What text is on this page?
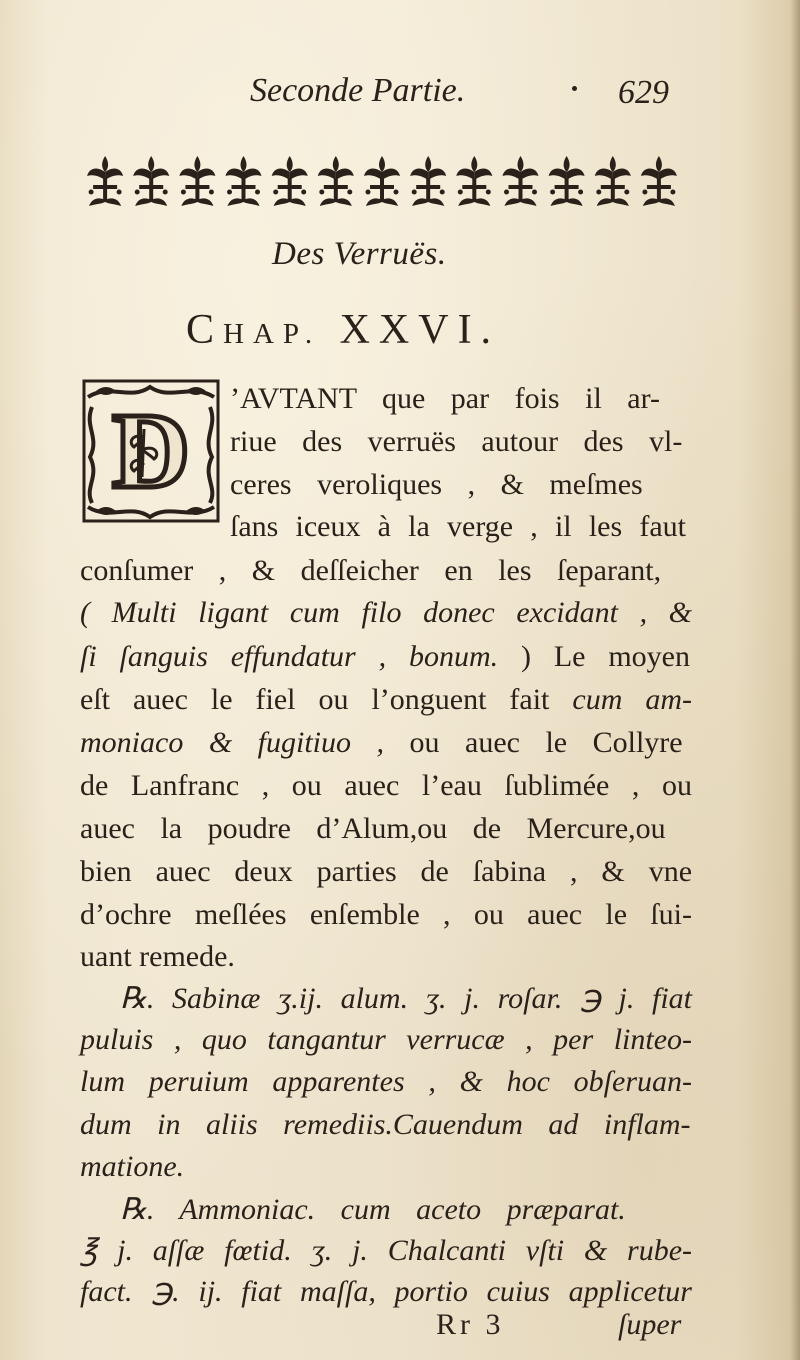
Seconde Partie.	629
Des Verruës.
CHAP. XXVI.
D ’AVTANT que par fois il ar-
riue des verruës autour des vl-
ceres veroliques , & meſmes
ſans iceux à la verge , il les faut
conſumer , & deſſeicher en les ſeparant,
( Multi ligant cum filo donec excidant , &
ſi ſanguis effundatur , bonum. ) Le moyen
eſt auec le fiel ou l’onguent fait cum am-
moniaco & fugitiuo , ou auec le Collyre
de Lanfranc , ou auec l’eau ſublimée , ou
auec la poudre d’Alum,ou de Mercure,ou
bien auec deux parties de ſabina , & vne
d’ochre meſlées enſemble , ou auec le ſui-
uant remede.
℞. Sabinæ ʒ.ij. alum. ʒ. j. roſar. ℈ j. fiat
puluis , quo tangantur verrucæ , per linteo-
lum peruium apparentes , & hoc obſeruan-
dum in aliis remediis.Cauendum ad inflam-
matione.
℞. Ammoniac. cum aceto præparat.
℥ j. aſſæ fœtid. ʒ. j. Chalcanti vſti & rube-
fact. ℈. ij. fiat maſſa, portio cuius applicetur
Rr 3	ſuper
